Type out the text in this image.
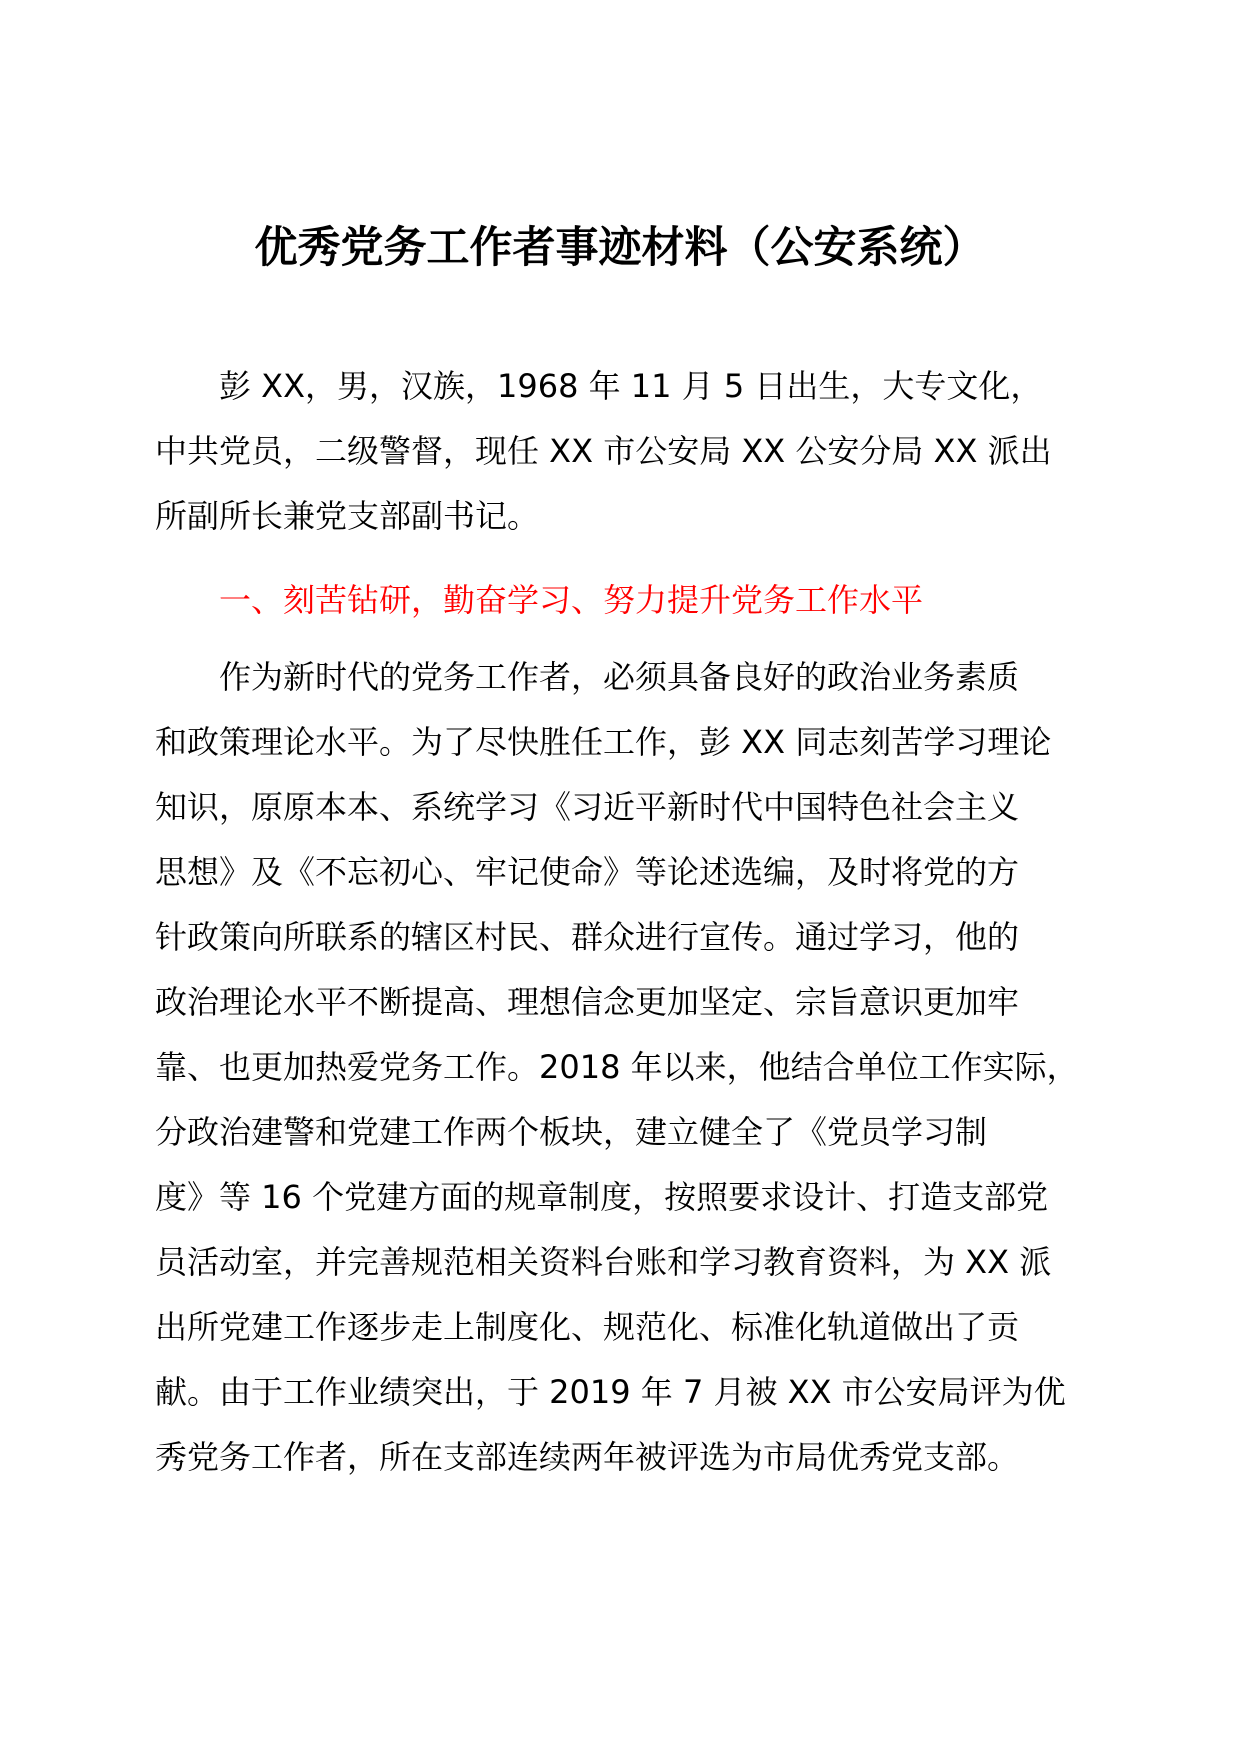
优秀党务工作者事迹材料（公安系统）
彭 XX，男，汉族，1968 年 11 月 5 日出生，大专文化，
中共党员，二级警督，现任 XX 市公安局 XX 公安分局 XX 派出
所副所长兼党支部副书记。
一、刻苦钻研，勤奋学习、努力提升党务工作水平
作为新时代的党务工作者，必须具备良好的政治业务素质
和政策理论水平。为了尽快胜任工作，彭 XX 同志刻苦学习理论
知识，原原本本、系统学习《习近平新时代中国特色社会主义
思想》及《不忘初心、牢记使命》等论述选编，及时将党的方
针政策向所联系的辖区村民、群众进行宣传。通过学习，他的
政治理论水平不断提高、理想信念更加坚定、宗旨意识更加牢
靠、也更加热爱党务工作。2018 年以来，他结合单位工作实际，
分政治建警和党建工作两个板块，建立健全了《党员学习制
度》等 16 个党建方面的规章制度，按照要求设计、打造支部党
员活动室，并完善规范相关资料台账和学习教育资料，为 XX 派
出所党建工作逐步走上制度化、规范化、标准化轨道做出了贡
献。由于工作业绩突出，于 2019 年 7 月被 XX 市公安局评为优
秀党务工作者，所在支部连续两年被评选为市局优秀党支部。
